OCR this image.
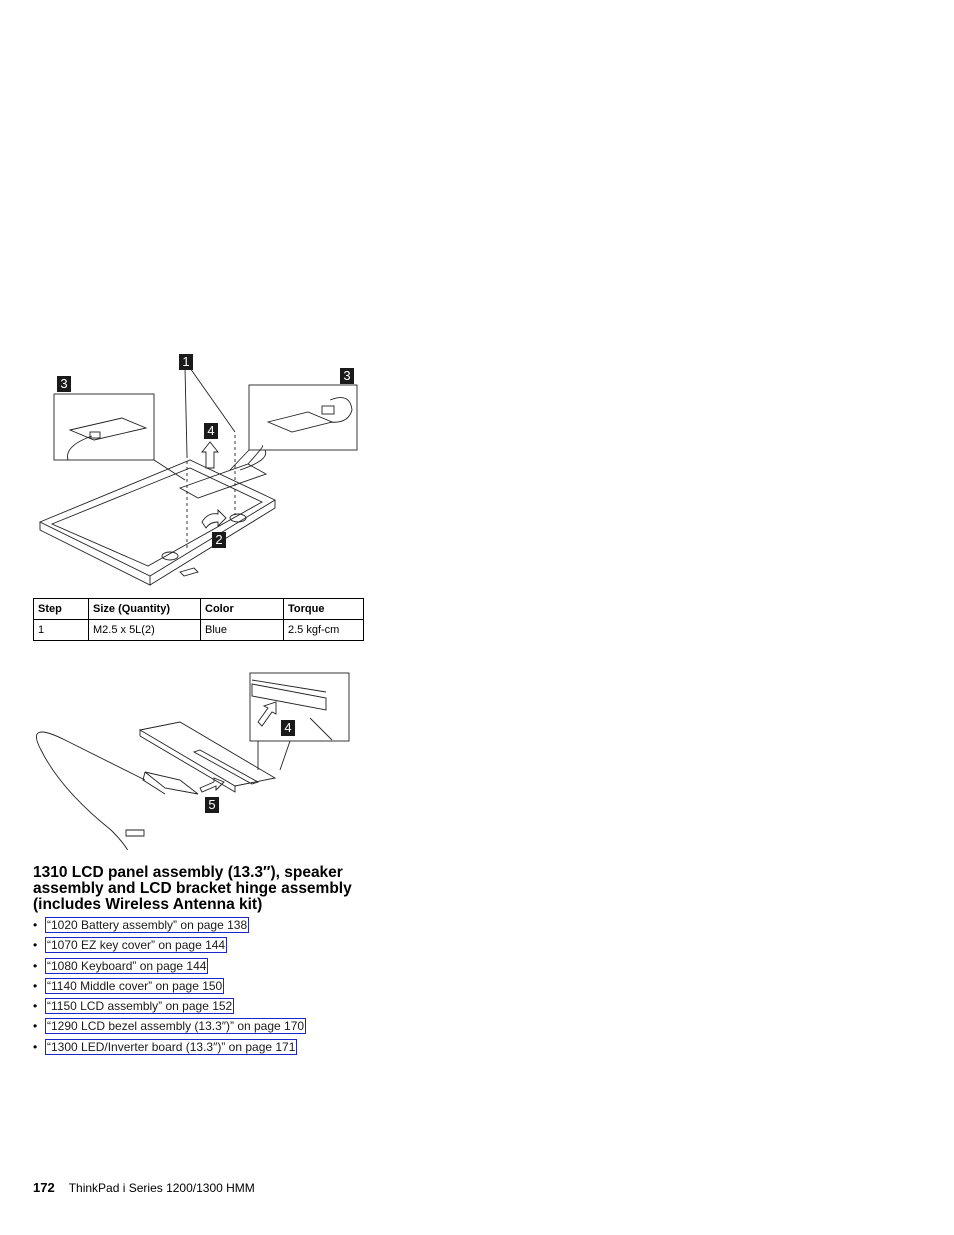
1
3
3
4
2
Step	Size (Quantity)	Color	Torque
1	M2.5 x 5L(2)	Blue	2.5 kgf-cm
4
5
1310 LCD panel assembly (13.3″), speaker assembly and LCD bracket hinge assembly (includes Wireless Antenna kit)
• “1020 Battery assembly” on page 138
• “1070 EZ key cover” on page 144
• “1080 Keyboard” on page 144
• “1140 Middle cover” on page 150
• “1150 LCD assembly” on page 152
• “1290 LCD bezel assembly (13.3″)” on page 170
• “1300 LED/Inverter board (13.3″)” on page 171
172 ThinkPad i Series 1200/1300 HMM
